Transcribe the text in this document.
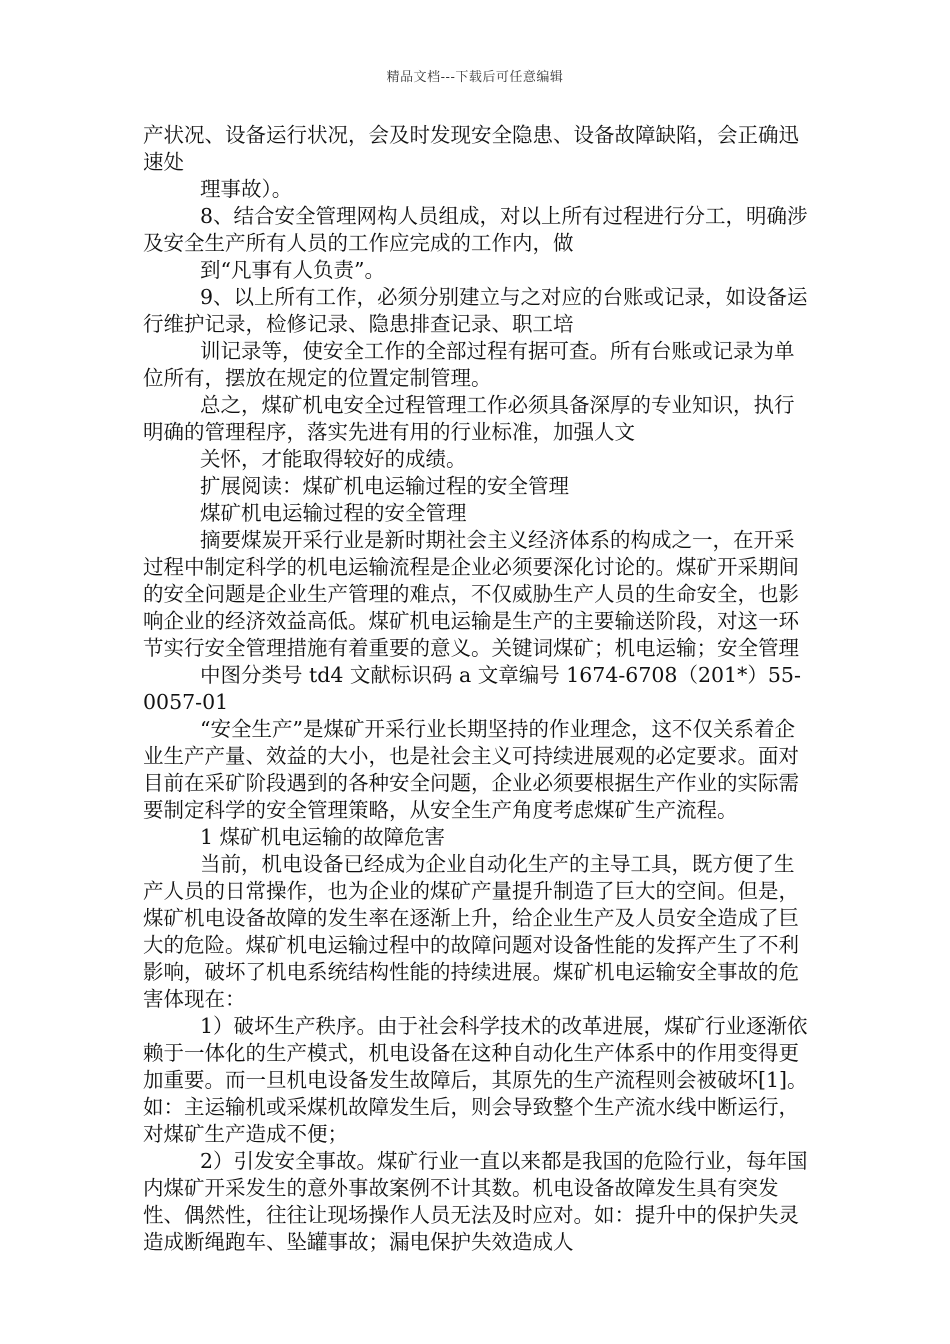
精品文档---下载后可任意编辑

产状况、设备运行状况，会及时发现安全隐患、设备故障缺陷，会正确迅速处

理事故）。

8、结合安全管理网构人员组成，对以上所有过程进行分工，明确涉及安全生产所有人员的工作应完成的工作内，做

到“凡事有人负责”。

9、以上所有工作，必须分别建立与之对应的台账或记录，如设备运行维护记录，检修记录、隐患排查记录、职工培

训记录等，使安全工作的全部过程有据可查。所有台账或记录为单位所有，摆放在规定的位置定制管理。

总之，煤矿机电安全过程管理工作必须具备深厚的专业知识，执行明确的管理程序，落实先进有用的行业标准，加强人文

关怀，才能取得较好的成绩。

扩展阅读：煤矿机电运输过程的安全管理

煤矿机电运输过程的安全管理

摘要煤炭开采行业是新时期社会主义经济体系的构成之一，在开采过程中制定科学的机电运输流程是企业必须要深化讨论的。煤矿开采期间的安全问题是企业生产管理的难点，不仅威胁生产人员的生命安全，也影响企业的经济效益高低。煤矿机电运输是生产的主要输送阶段，对这一环节实行安全管理措施有着重要的意义。关键词煤矿；机电运输；安全管理

中图分类号 td4 文献标识码 a 文章编号 1674-6708（201*）55-0057-01

“安全生产”是煤矿开采行业长期坚持的作业理念，这不仅关系着企业生产产量、效益的大小，也是社会主义可持续进展观的必定要求。面对目前在采矿阶段遇到的各种安全问题，企业必须要根据生产作业的实际需要制定科学的安全管理策略，从安全生产角度考虑煤矿生产流程。

1 煤矿机电运输的故障危害

当前，机电设备已经成为企业自动化生产的主导工具，既方便了生产人员的日常操作，也为企业的煤矿产量提升制造了巨大的空间。但是，煤矿机电设备故障的发生率在逐渐上升，给企业生产及人员安全造成了巨大的危险。煤矿机电运输过程中的故障问题对设备性能的发挥产生了不利影响，破坏了机电系统结构性能的持续进展。煤矿机电运输安全事故的危害体现在：

1）破坏生产秩序。由于社会科学技术的改革进展，煤矿行业逐渐依赖于一体化的生产模式，机电设备在这种自动化生产体系中的作用变得更加重要。而一旦机电设备发生故障后，其原先的生产流程则会被破坏[1]。如：主运输机或采煤机故障发生后，则会导致整个生产流水线中断运行，对煤矿生产造成不便；

2）引发安全事故。煤矿行业一直以来都是我国的危险行业，每年国内煤矿开采发生的意外事故案例不计其数。机电设备故障发生具有突发性、偶然性，往往让现场操作人员无法及时应对。如：提升中的保护失灵造成断绳跑车、坠罐事故；漏电保护失效造成人
